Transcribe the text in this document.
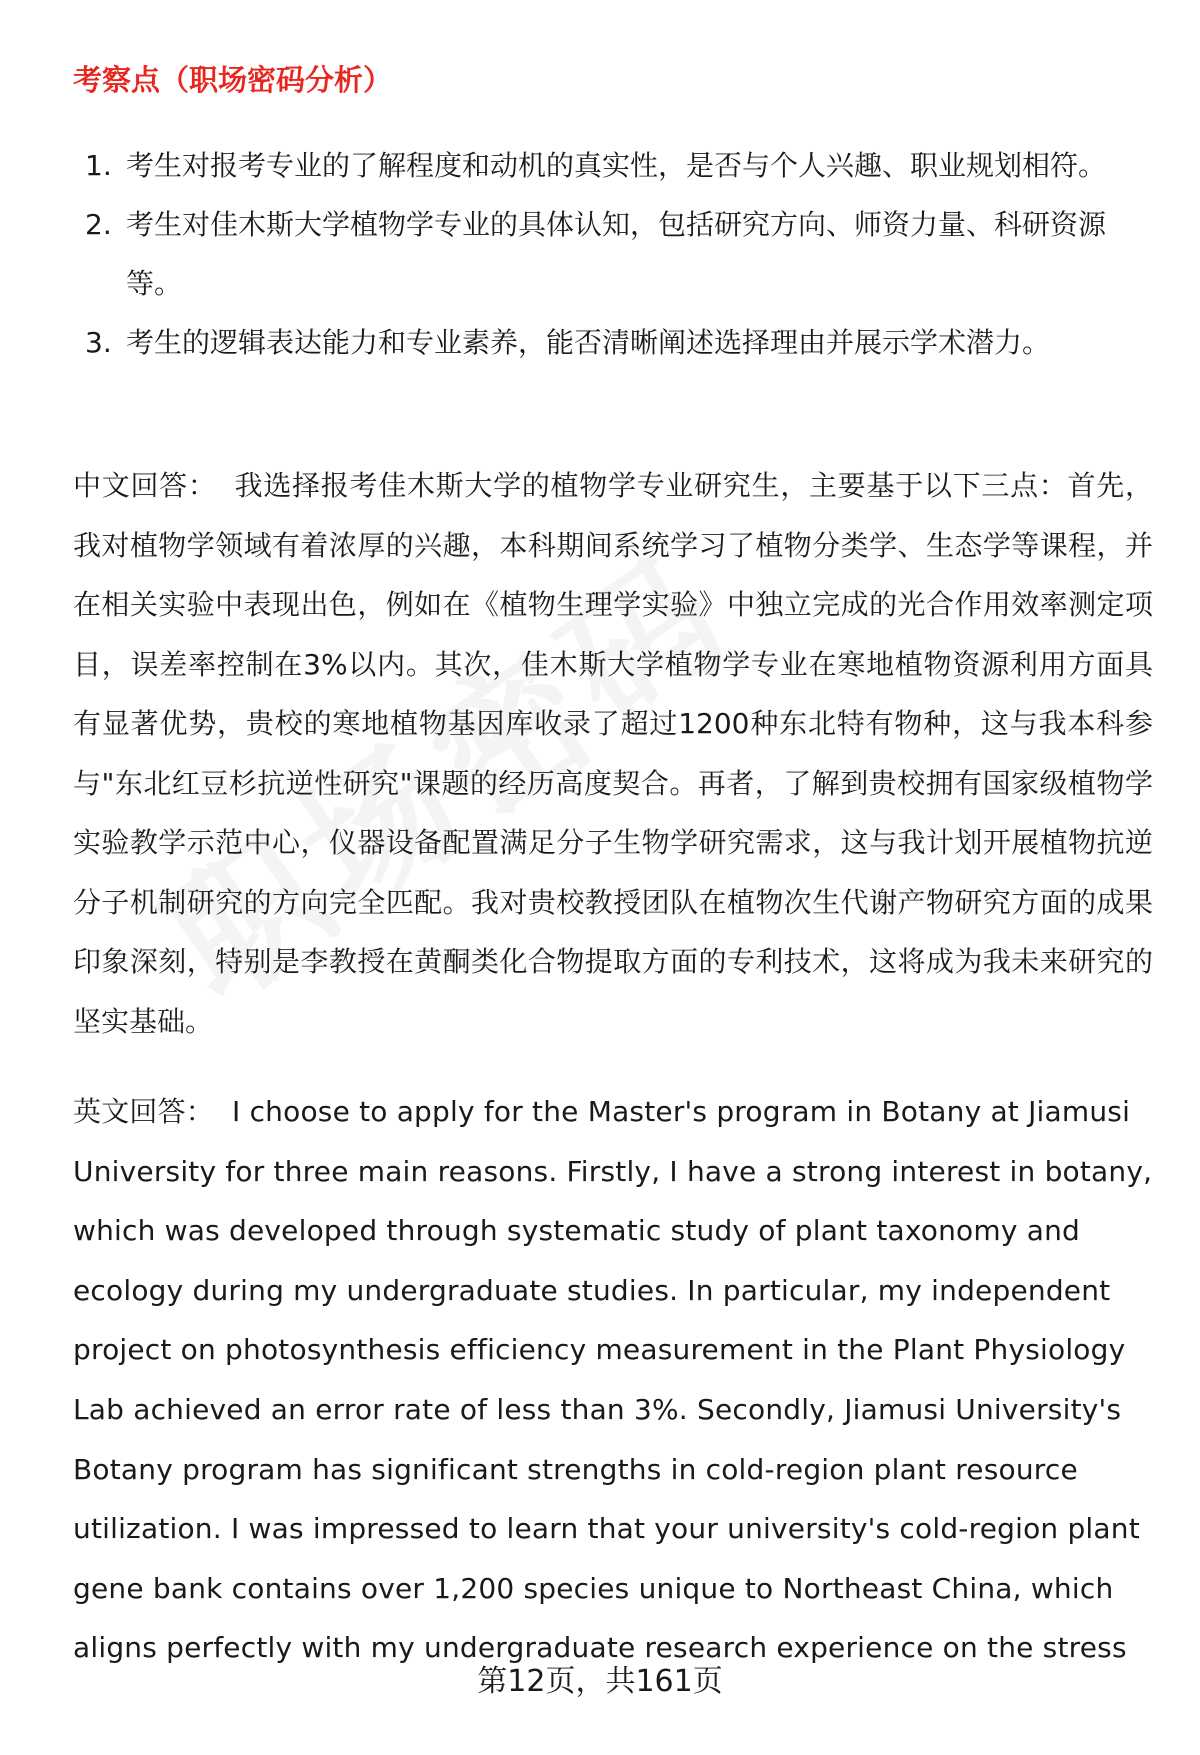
考察点（职场密码分析）
1. 考生对报考专业的了解程度和动机的真实性，是否与个人兴趣、职业规划相符。
2. 考生对佳木斯大学植物学专业的具体认知，包括研究方向、师资力量、科研资源等。
3. 考生的逻辑表达能力和专业素养，能否清晰阐述选择理由并展示学术潜力。
中文回答： 我选择报考佳木斯大学的植物学专业研究生，主要基于以下三点：首先，我对植物学领域有着浓厚的兴趣，本科期间系统学习了植物分类学、生态学等课程，并在相关实验中表现出色，例如在《植物生理学实验》中独立完成的光合作用效率测定项目，误差率控制在3%以内。其次，佳木斯大学植物学专业在寒地植物资源利用方面具有显著优势，贵校的寒地植物基因库收录了超过1200种东北特有物种，这与我本科参与"东北红豆杉抗逆性研究"课题的经历高度契合。再者，了解到贵校拥有国家级植物学实验教学示范中心，仪器设备配置满足分子生物学研究需求，这与我计划开展植物抗逆分子机制研究的方向完全匹配。我对贵校教授团队在植物次生代谢产物研究方面的成果印象深刻，特别是李教授在黄酮类化合物提取方面的专利技术，这将成为我未来研究的坚实基础。
英文回答： I choose to apply for the Master's program in Botany at Jiamusi University for three main reasons. Firstly, I have a strong interest in botany, which was developed through systematic study of plant taxonomy and ecology during my undergraduate studies. In particular, my independent project on photosynthesis efficiency measurement in the Plant Physiology Lab achieved an error rate of less than 3%. Secondly, Jiamusi University's Botany program has significant strengths in cold-region plant resource utilization. I was impressed to learn that your university's cold-region plant gene bank contains over 1,200 species unique to Northeast China, which aligns perfectly with my undergraduate research experience on the stress
第12页，共161页
